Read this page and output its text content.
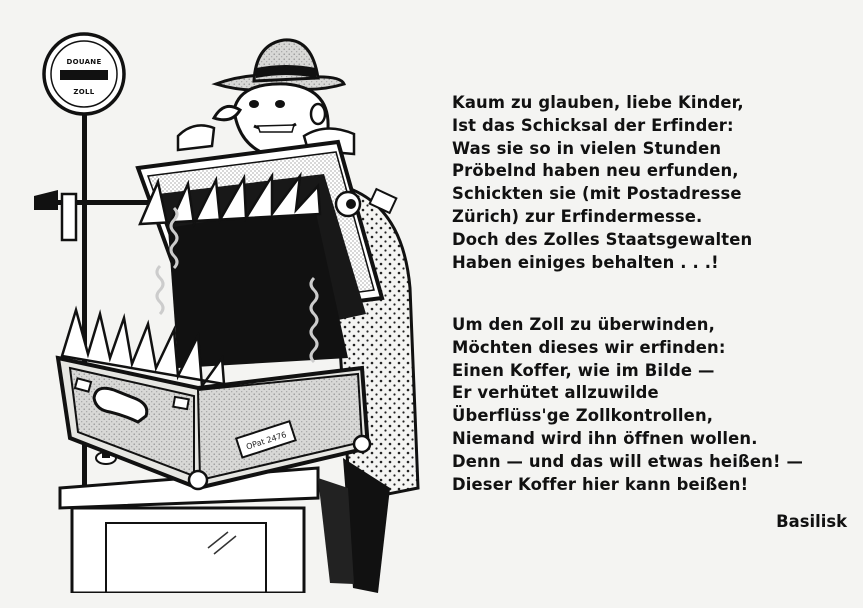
DOUANE
ZOLL
OPat 2476
Kaum zu glauben, liebe Kinder,
Ist das Schicksal der Erfinder:
Was sie so in vielen Stunden
Pröbelnd haben neu erfunden,
Schickten sie (mit Postadresse
Zürich) zur Erfindermesse.
Doch des Zolles Staatsgewalten
Haben einiges behalten . . .!
Um den Zoll zu überwinden,
Möchten dieses wir erfinden:
Einen Koffer, wie im Bilde —
Er verhütet allzuwilde
Überflüss'ge Zollkontrollen,
Niemand wird ihn öffnen wollen.
Denn — und das will etwas heißen! —
Dieser Koffer hier kann beißen!
Basilisk
